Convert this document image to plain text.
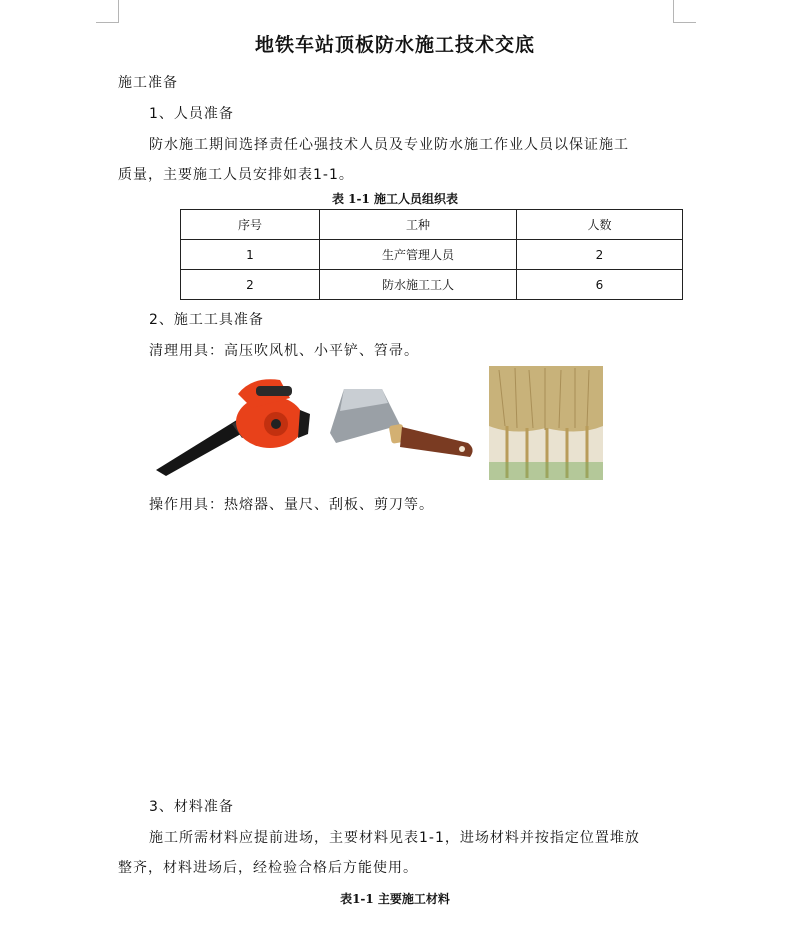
地铁车站顶板防水施工技术交底
施工准备
1、人员准备
防水施工期间选择责任心强技术人员及专业防水施工作业人员以保证施工
质量，主要施工人员安排如表1-1。
表 1-1 施工人员组织表
序号	工种	人数
1	生产管理人员	2
2	防水施工工人	6
2、施工工具准备
清理用具：高压吹风机、小平铲、笤帚。
操作用具：热熔器、量尺、刮板、剪刀等。
3、材料准备
施工所需材料应提前进场，主要材料见表1-1，进场材料并按指定位置堆放
整齐，材料进场后，经检验合格后方能使用。
表1-1 主要施工材料
